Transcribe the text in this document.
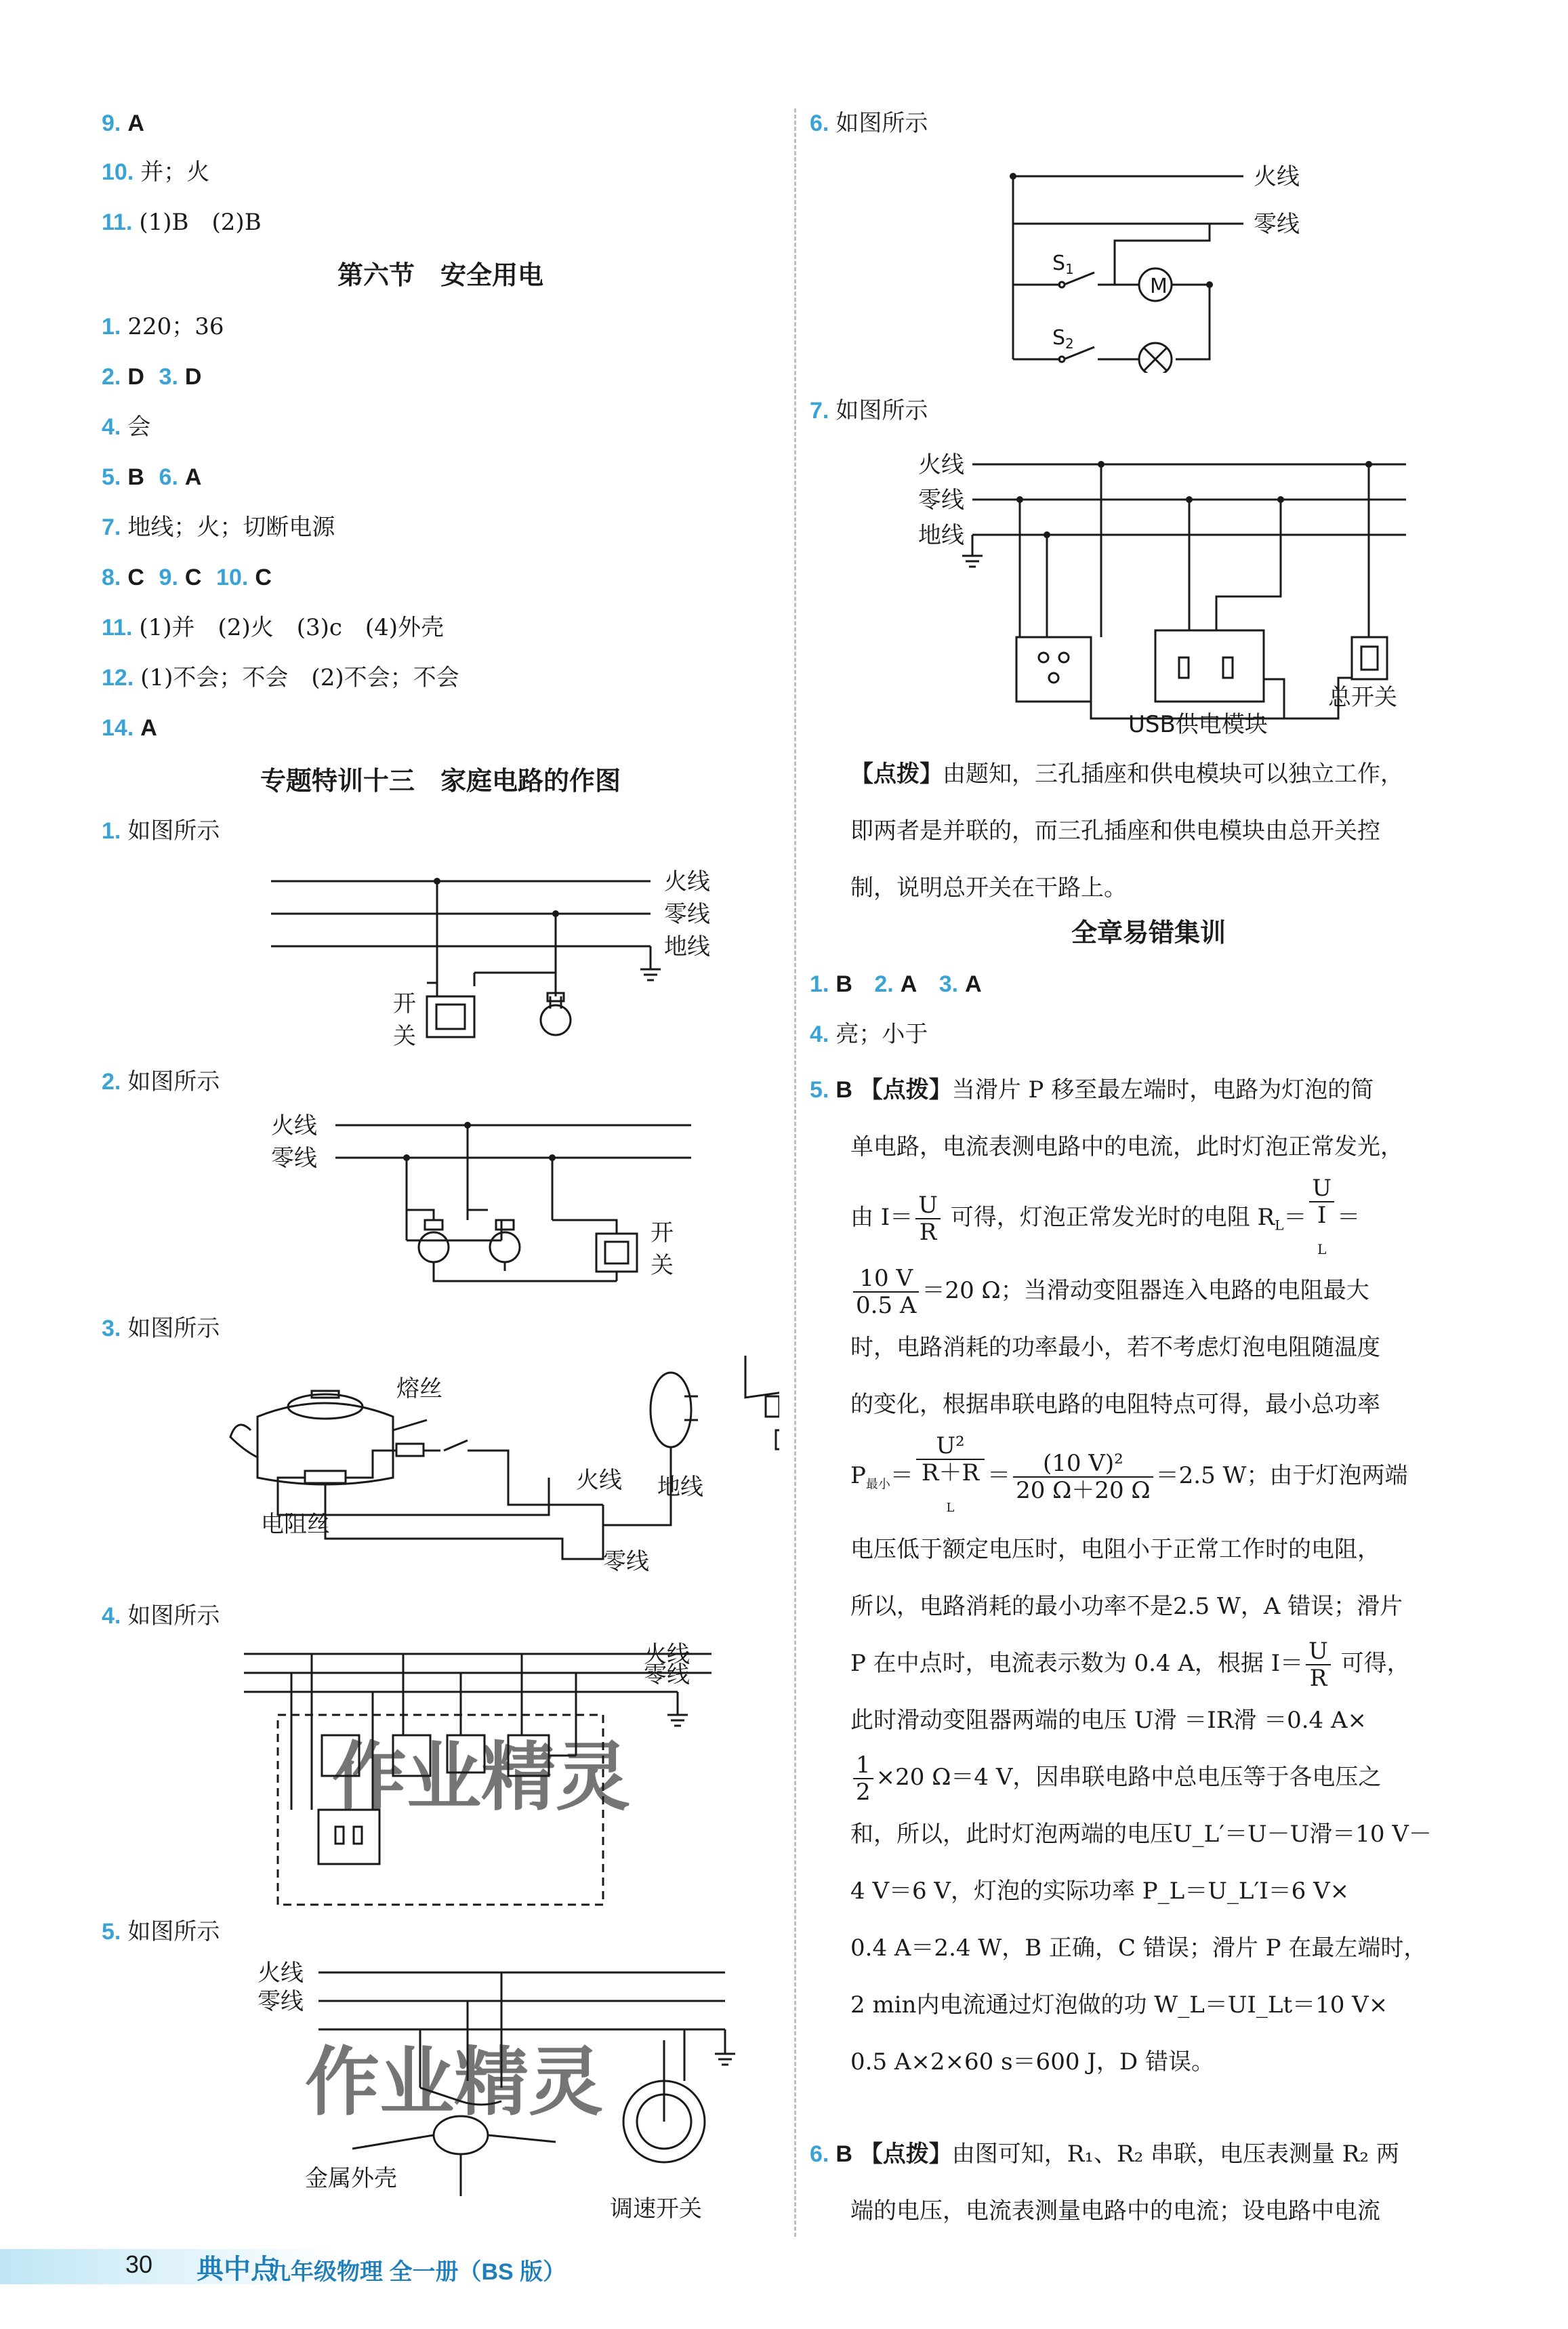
9. A
10. 并；火
11. (1)B　(2)B
第六节　安全用电
1. 220；36
2. D 3. D
4. 会
5. B 6. A
7. 地线；火；切断电源
8. C 9. C 10. C
11. (1)并　(2)火　(3)c　(4)外壳
12. (1)不会；不会　(2)不会；不会
14. A
专题特训十三　家庭电路的作图
1. 如图所示
火线
零线
地线
开
关
2. 如图所示
火线
零线
开
关
3. 如图所示
熔丝
火线 地线
零线
电阻丝
4. 如图所示
火线
零线
作业精灵
5. 如图所示
火线
零线
金属外壳
调速开关
作业精灵
6. 如图所示
M
火线
零线
$S_1$
$S_2$
7. 如图所示
火线
零线
地线
USB供电模块
总开关
【点拨】由题知，三孔插座和供电模块可以独立工作，
即两者是并联的，而三孔插座和供电模块由总开关控
制，说明总开关在干路上。
全章易错集训
1. B 2. A 3. A
4. 亮；小于
5. B 【点拨】当滑片 P 移至最左端时，电路为灯泡的简
单电路，电流表测电路中的电流，此时灯泡正常发光，
由 $I= \frac{U}{R}$ 可得，灯泡正常发光时的电阻 $R_L= U$
I
$_L$ ＝
$\frac{10 V}{0.5 A} =20$ Ω；当滑动变阻器连入电路的电阻最大
时，电路消耗的功率最小，若不考虑灯泡电阻随温度
的变化，根据串联电路的电阻特点可得，最小总功率
$P_{最小}= U^2$
R＋R
$_L = \frac{\text{(10 V)²}}{20 \Omega+20 \Omega} =2.5$ W；由于灯泡两端
电压低于额定电压时，电阻小于正常工作时的电阻，
所以，电路消耗的最小功率不是2.5 W，A 错误；滑片
P 在中点时，电流表示数为 0.4 A，根据 $I= \frac{U}{R}$ 可得，
此时滑动变阻器两端的电压 U滑 ＝IR滑 ＝0.4 A×
$\frac{1}{2} \times 20$ Ω＝4 V，因串联电路中总电压等于各电压之
和，所以，此时灯泡两端的电压U_L′＝U－U滑＝10 V－
4 V＝6 V，灯泡的实际功率 P_L＝U_L′I＝6 V×
0.4 A＝2.4 W，B 正确，C 错误；滑片 P 在最左端时，
2 min内电流通过灯泡做的功 W_L＝UI_Lt＝10 V×
0.5 A×2×60 s＝600 J，D 错误。
6. B 【点拨】由图可知，R₁、R₂ 串联，电压表测量 R₂ 两
端的电压，电流表测量电路中的电流；设电路中电流
30 典中点
九年级物理 全一册（BS 版）
